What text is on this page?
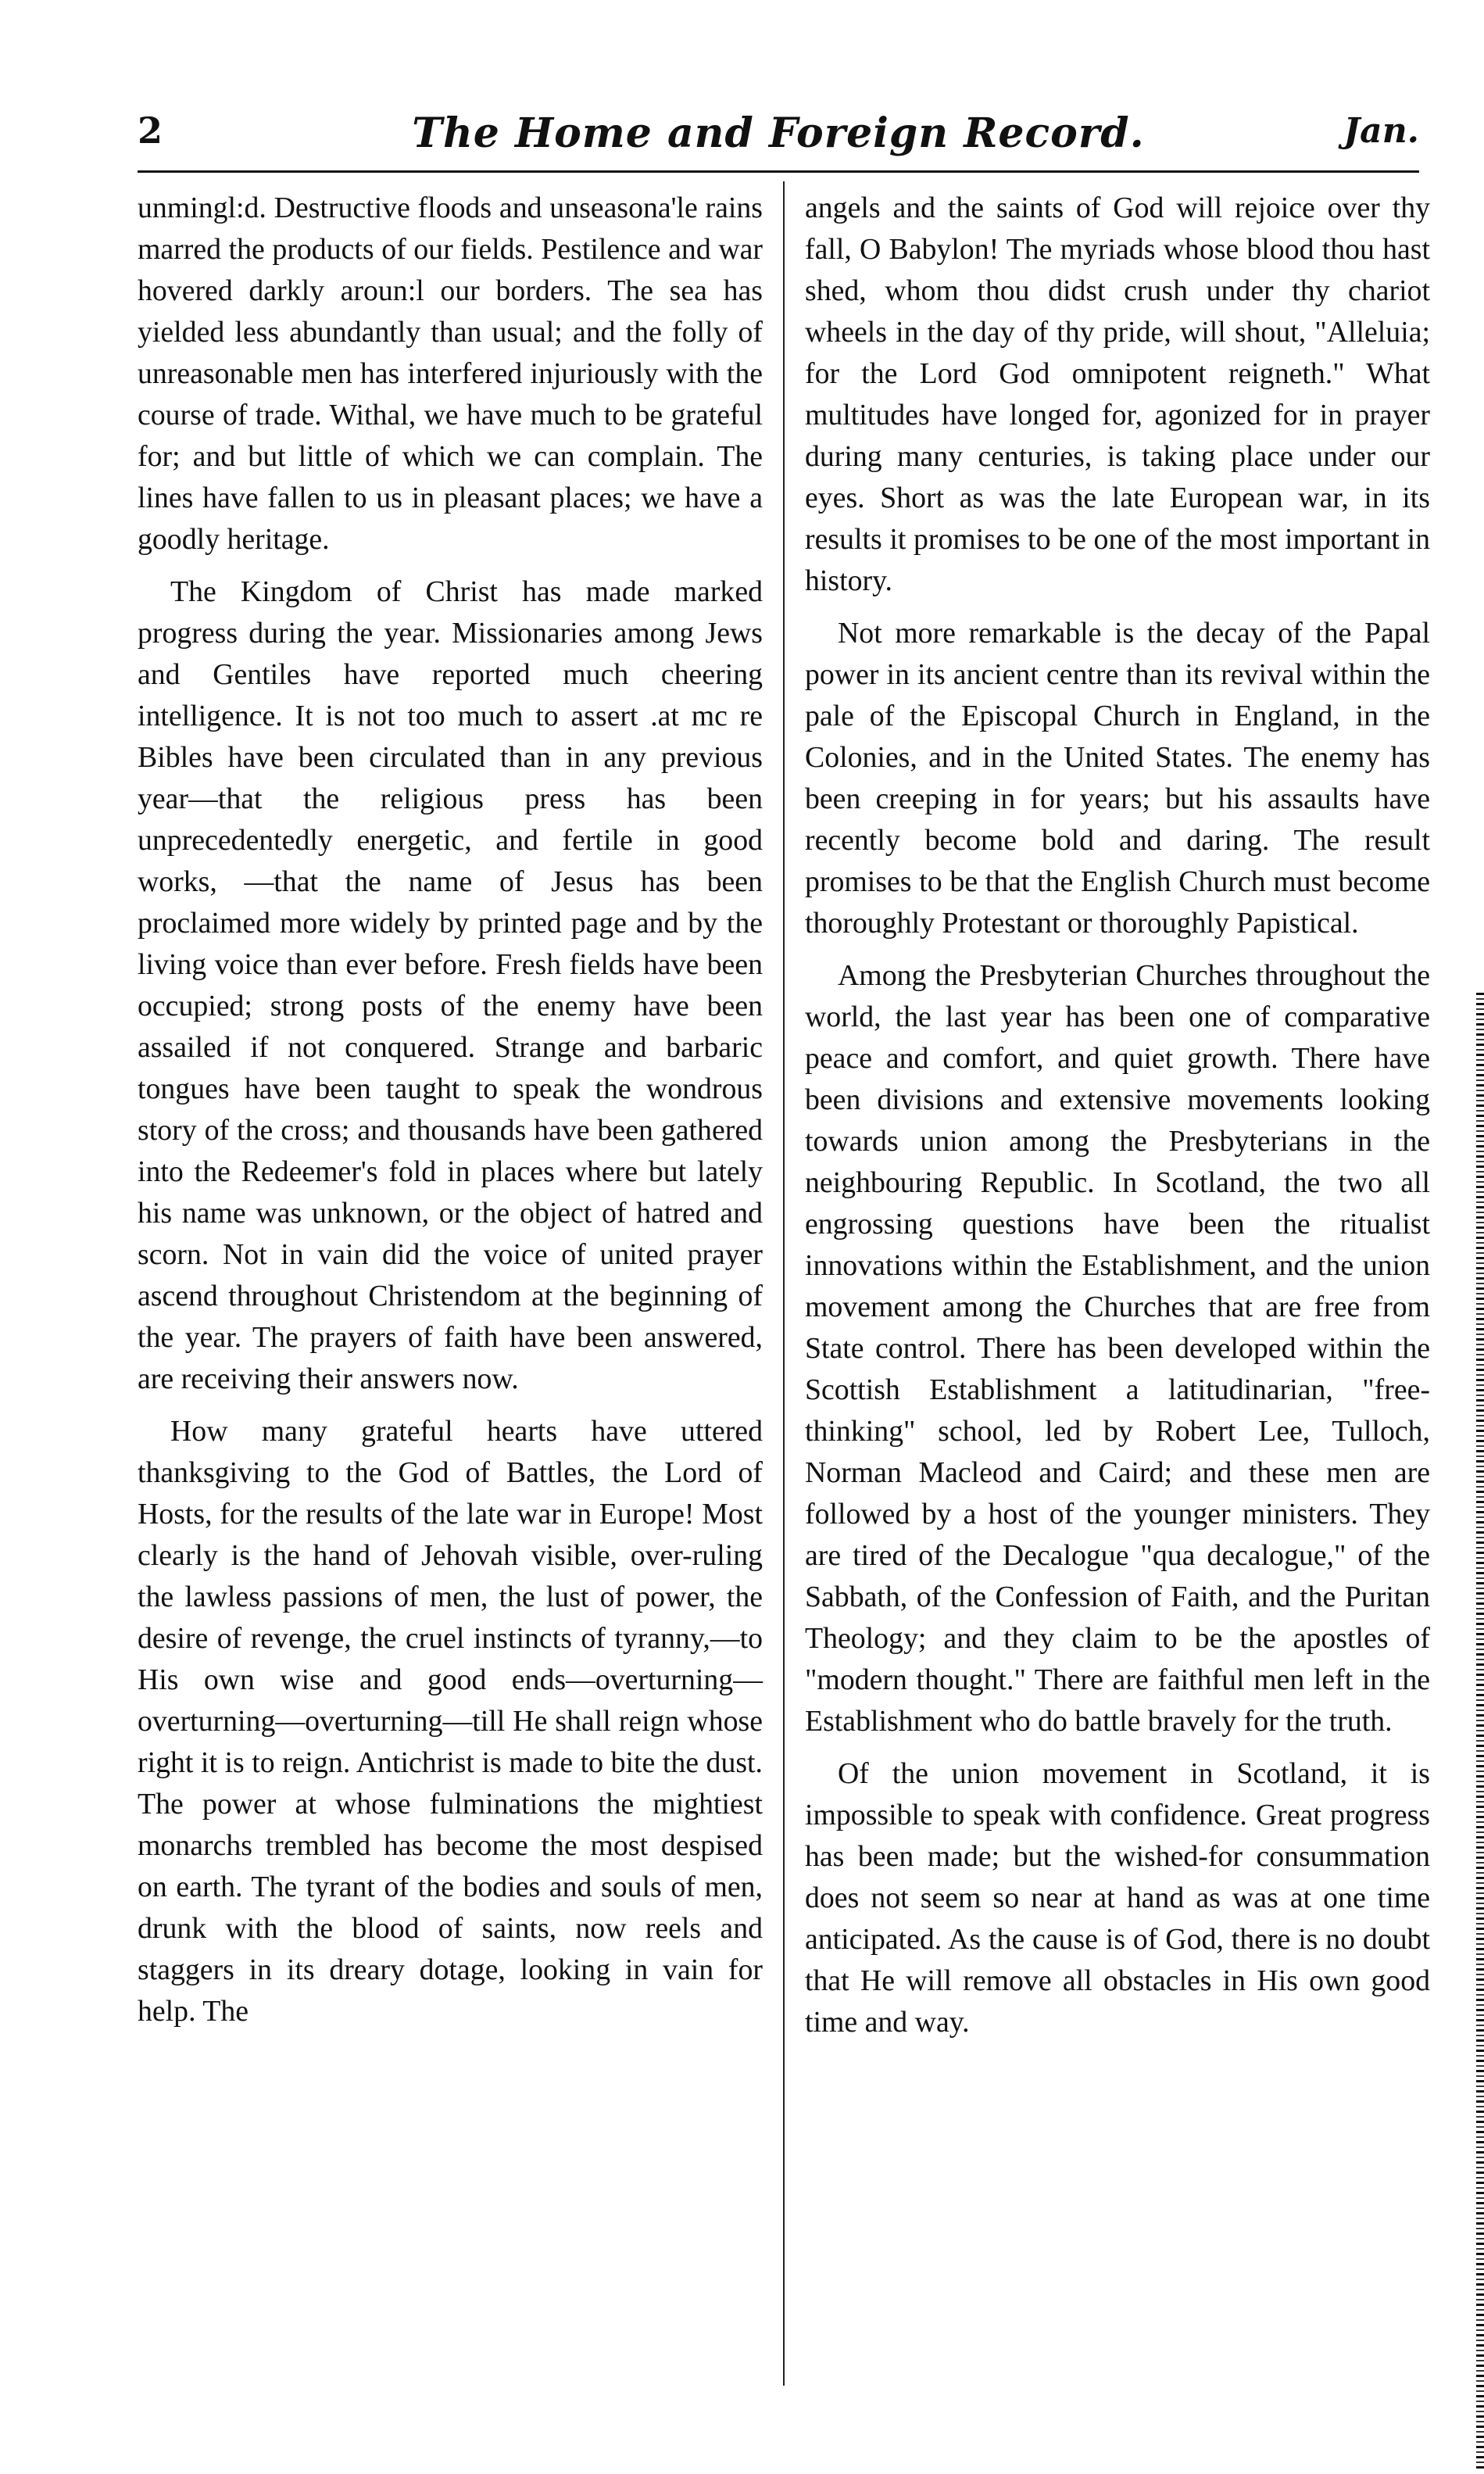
2	The Home and Foreign Record.	Jan.

unmingl:d. Destructive floods and unseasona'le rains marred the products of our fields. Pestilence and war hovered darkly aroun:l our borders. The sea has yielded less abundantly than usual; and the folly of unreasonable men has interfered injuriously with the course of trade. Withal, we have much to be grateful for; and but little of which we can complain. The lines have fallen to us in pleasant places; we have a goodly heritage.

The Kingdom of Christ has made marked progress during the year. Missionaries among Jews and Gentiles have reported much cheering intelligence. It is not too much to assert .at mc re Bibles have been circulated than in any previous year—that the religious press has been unprecedentedly energetic, and fertile in good works, —that the name of Jesus has been proclaimed more widely by printed page and by the living voice than ever before. Fresh fields have been occupied; strong posts of the enemy have been assailed if not conquered. Strange and barbaric tongues have been taught to speak the wondrous story of the cross; and thousands have been gathered into the Redeemer's fold in places where but lately his name was unknown, or the object of hatred and scorn. Not in vain did the voice of united prayer ascend throughout Christendom at the beginning of the year. The prayers of faith have been answered, are receiving their answers now.

How many grateful hearts have uttered thanksgiving to the God of Battles, the Lord of Hosts, for the results of the late war in Europe! Most clearly is the hand of Jehovah visible, over-ruling the lawless passions of men, the lust of power, the desire of revenge, the cruel instincts of tyranny,—to His own wise and good ends—overturning—overturning—overturning—till He shall reign whose right it is to reign. Antichrist is made to bite the dust. The power at whose fulminations the mightiest monarchs trembled has become the most despised on earth. The tyrant of the bodies and souls of men, drunk with the blood of saints, now reels and staggers in its dreary dotage, looking in vain for help. The

angels and the saints of God will rejoice over thy fall, O Babylon! The myriads whose blood thou hast shed, whom thou didst crush under thy chariot wheels in the day of thy pride, will shout, "Alleluia; for the Lord God omnipotent reigneth." What multitudes have longed for, agonized for in prayer during many centuries, is taking place under our eyes. Short as was the late European war, in its results it promises to be one of the most important in history.

Not more remarkable is the decay of the Papal power in its ancient centre than its revival within the pale of the Episcopal Church in England, in the Colonies, and in the United States. The enemy has been creeping in for years; but his assaults have recently become bold and daring. The result promises to be that the English Church must become thoroughly Protestant or thoroughly Papistical.

Among the Presbyterian Churches throughout the world, the last year has been one of comparative peace and comfort, and quiet growth. There have been divisions and extensive movements looking towards union among the Presbyterians in the neighbouring Republic. In Scotland, the two all engrossing questions have been the ritualist innovations within the Establishment, and the union movement among the Churches that are free from State control. There has been developed within the Scottish Establishment a latitudinarian, "free-thinking" school, led by Robert Lee, Tulloch, Norman Macleod and Caird; and these men are followed by a host of the younger ministers. They are tired of the Decalogue "qua decalogue," of the Sabbath, of the Confession of Faith, and the Puritan Theology; and they claim to be the apostles of "modern thought." There are faithful men left in the Establishment who do battle bravely for the truth.

Of the union movement in Scotland, it is impossible to speak with confidence. Great progress has been made; but the wished-for consummation does not seem so near at hand as was at one time anticipated. As the cause is of God, there is no doubt that He will remove all obstacles in His own good time and way.
